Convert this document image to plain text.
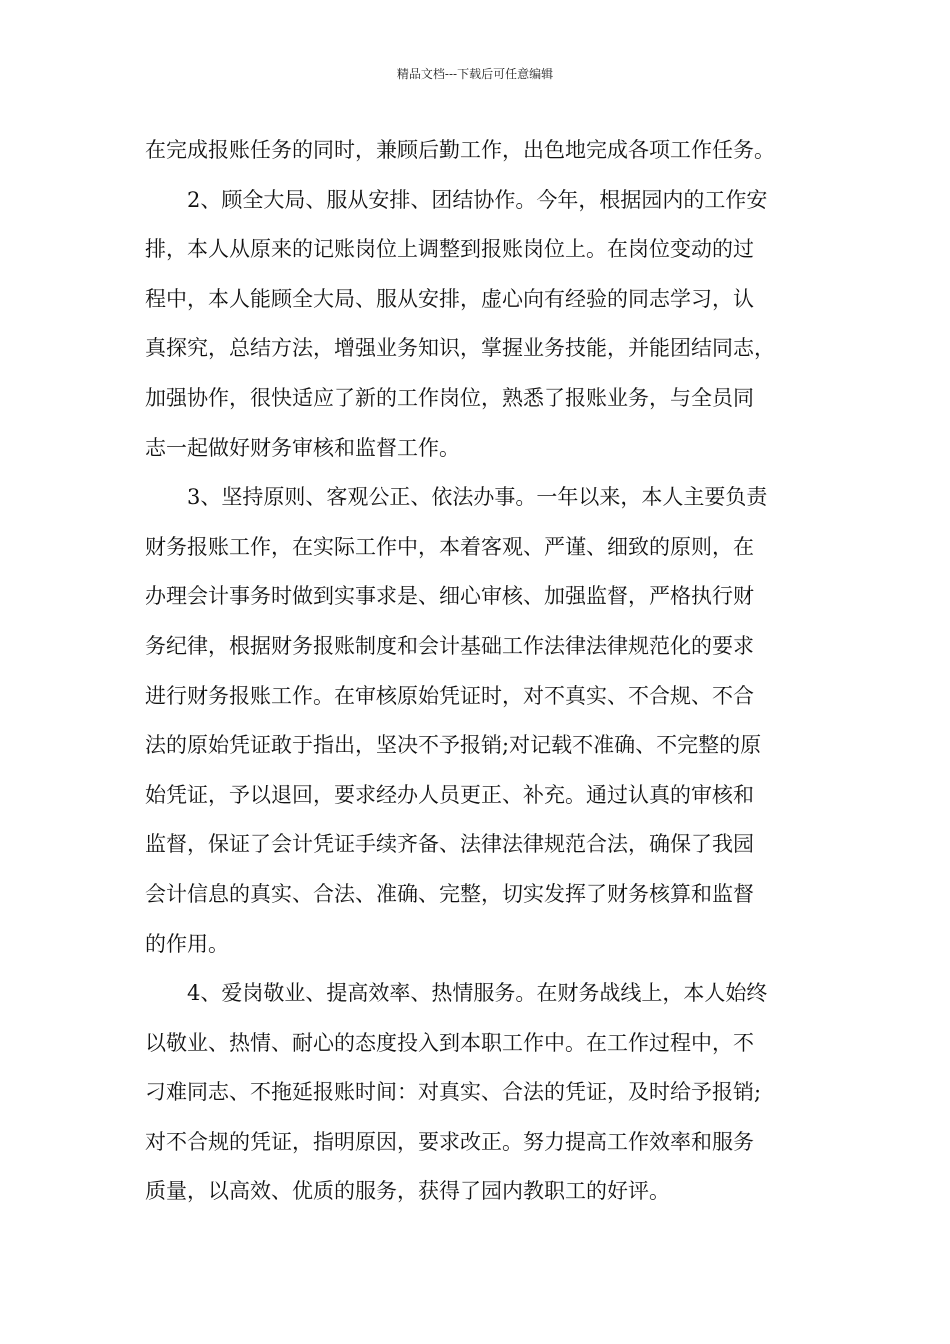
精品文档---下载后可任意编辑
在完成报账任务的同时，兼顾后勤工作，出色地完成各项工作任务。
2、顾全大局、服从安排、团结协作。今年，根据园内的工作安
排，本人从原来的记账岗位上调整到报账岗位上。在岗位变动的过
程中，本人能顾全大局、服从安排，虚心向有经验的同志学习，认
真探究，总结方法，增强业务知识，掌握业务技能，并能团结同志，
加强协作，很快适应了新的工作岗位，熟悉了报账业务，与全员同
志一起做好财务审核和监督工作。
3、坚持原则、客观公正、依法办事。一年以来，本人主要负责
财务报账工作，在实际工作中，本着客观、严谨、细致的原则，在
办理会计事务时做到实事求是、细心审核、加强监督，严格执行财
务纪律，根据财务报账制度和会计基础工作法律法律规范化的要求
进行财务报账工作。在审核原始凭证时，对不真实、不合规、不合
法的原始凭证敢于指出，坚决不予报销;对记载不准确、不完整的原
始凭证，予以退回，要求经办人员更正、补充。通过认真的审核和
监督，保证了会计凭证手续齐备、法律法律规范合法，确保了我园
会计信息的真实、合法、准确、完整，切实发挥了财务核算和监督
的作用。
4、爱岗敬业、提高效率、热情服务。在财务战线上，本人始终
以敬业、热情、耐心的态度投入到本职工作中。在工作过程中，不
刁难同志、不拖延报账时间：对真实、合法的凭证，及时给予报销;
对不合规的凭证，指明原因，要求改正。努力提高工作效率和服务
质量，以高效、优质的服务，获得了园内教职工的好评。
